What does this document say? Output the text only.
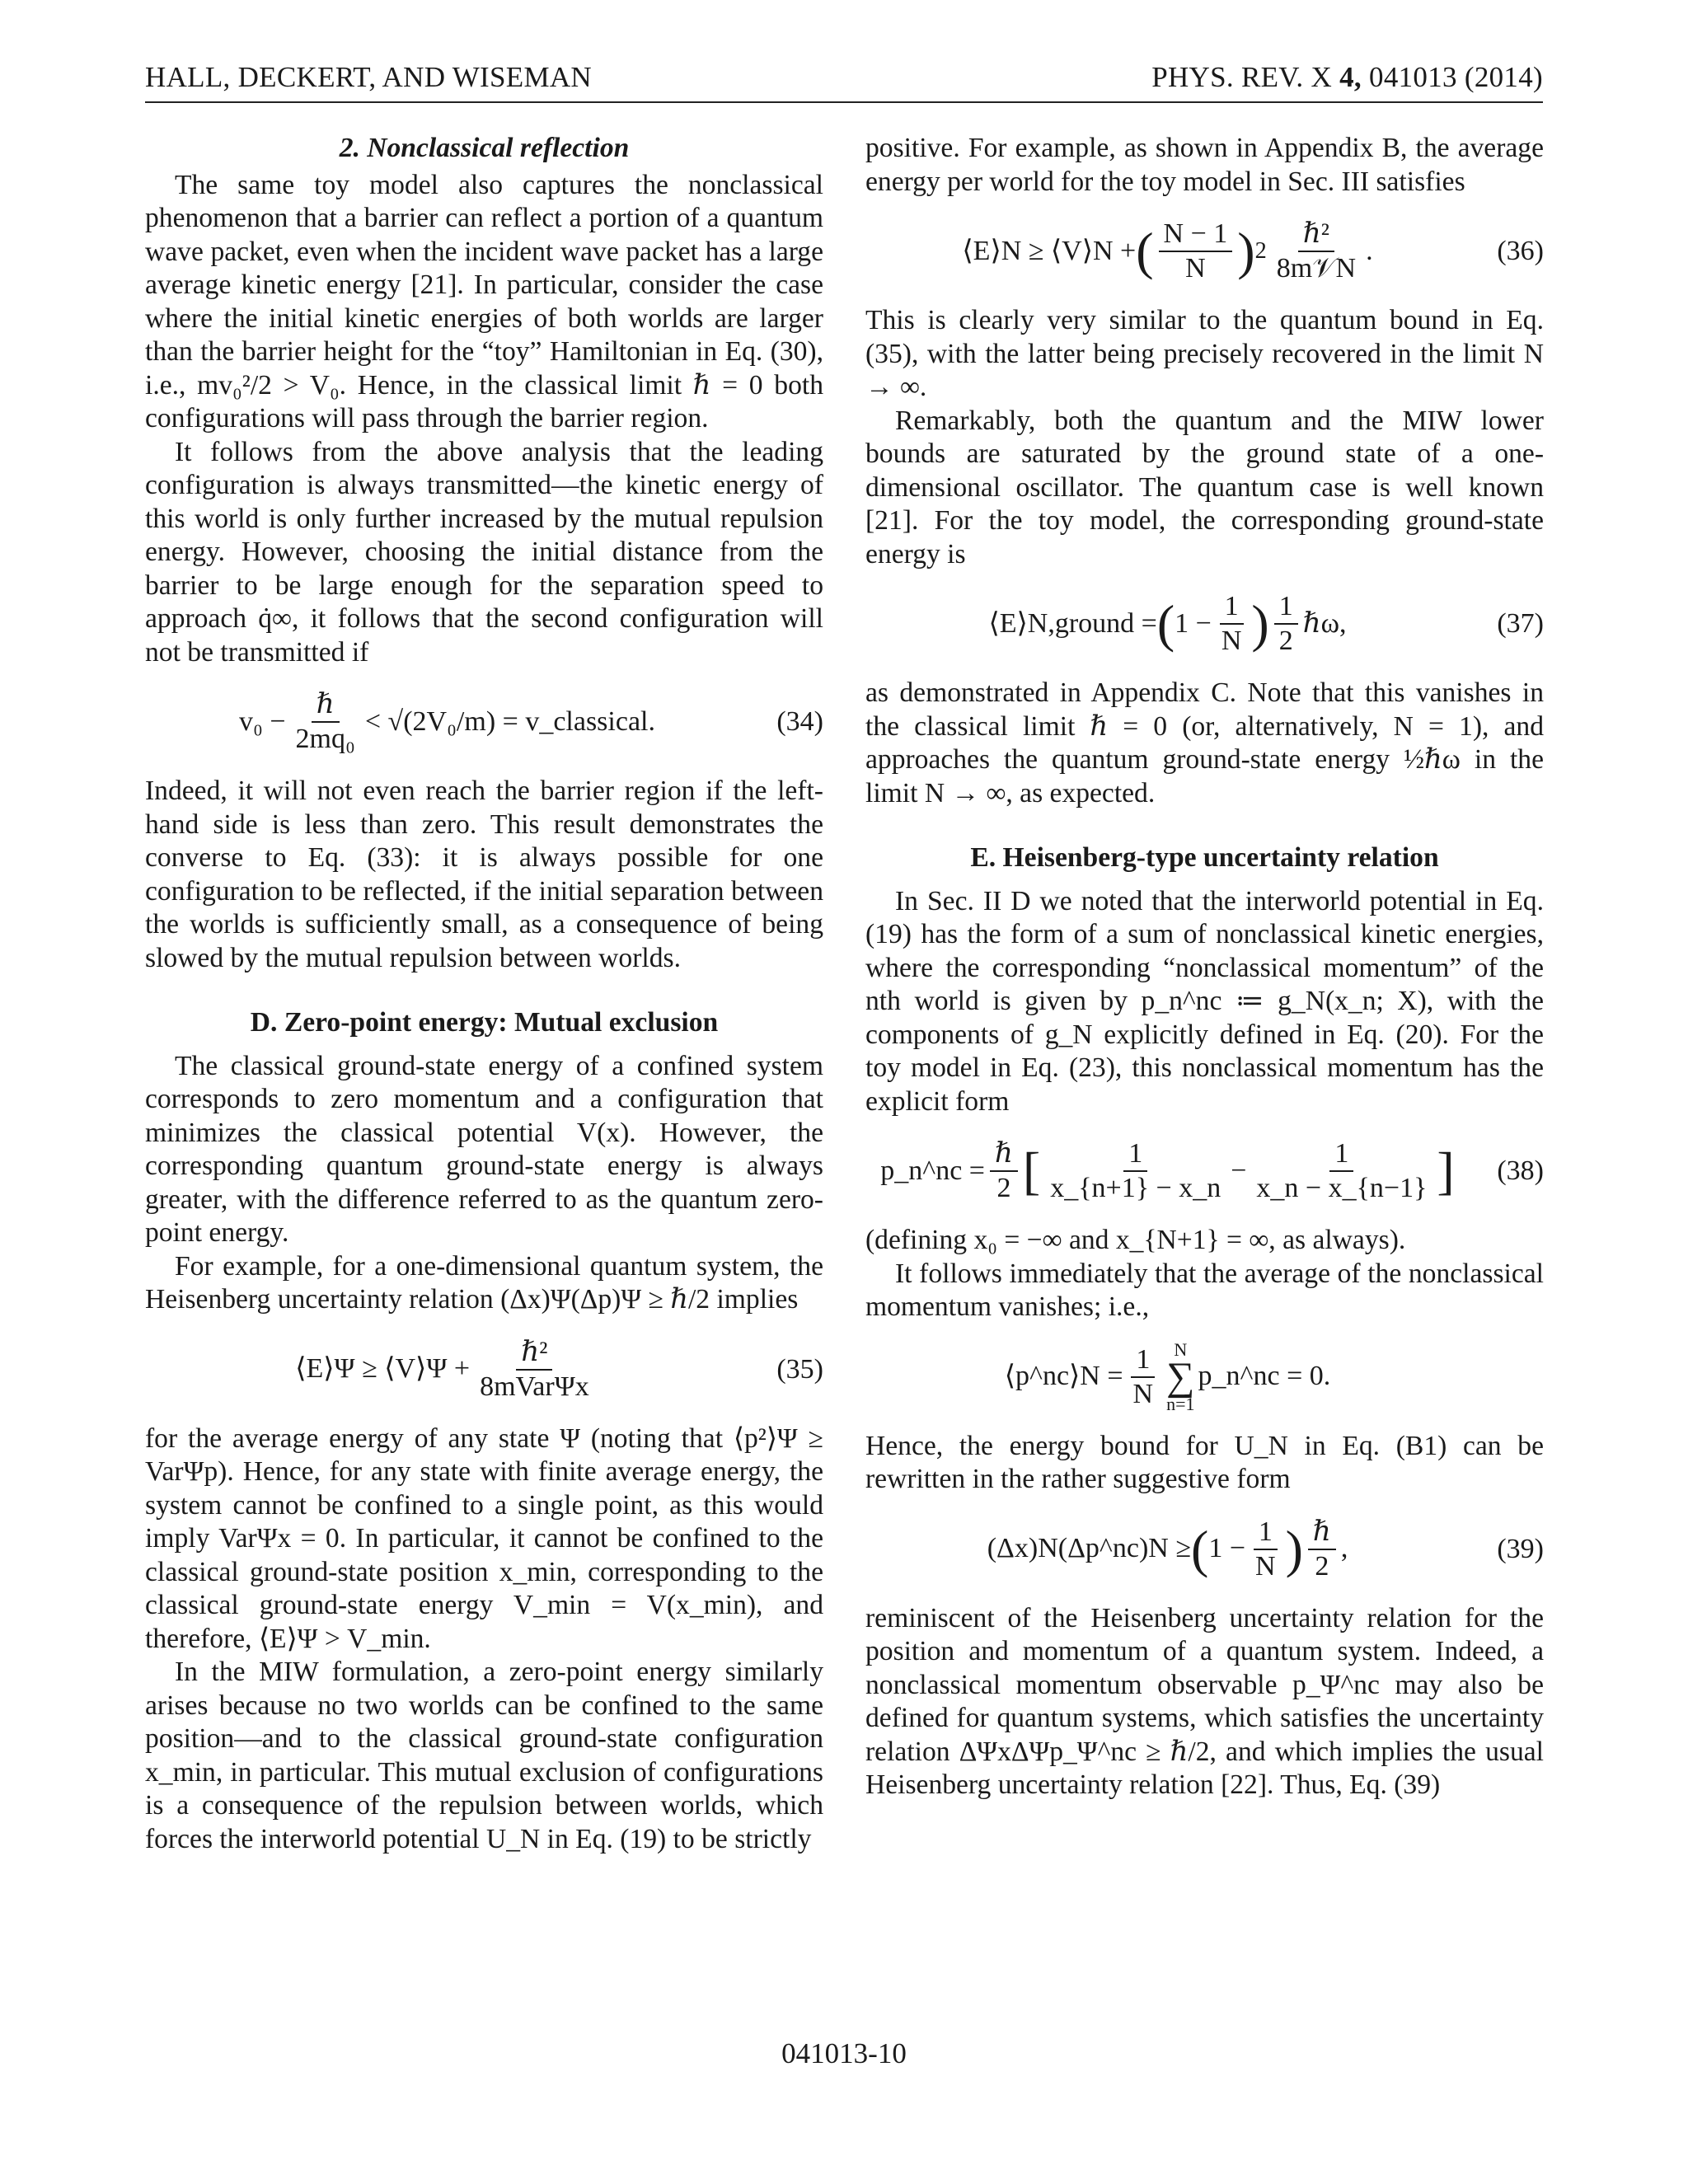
HALL, DECKERT, AND WISEMAN	PHYS. REV. X 4, 041013 (2014)
2. Nonclassical reflection

The same toy model also captures the nonclassical phenomenon that a barrier can reflect a portion of a quantum wave packet, even when the incident wave packet has a large average kinetic energy [21]. In particular, consider the case where the initial kinetic energies of both worlds are larger than the barrier height for the “toy” Hamiltonian in Eq. (30), i.e., mv₀²/2 > V₀. Hence, in the classical limit ℏ = 0 both configurations will pass through the barrier region.

It follows from the above analysis that the leading configuration is always transmitted—the kinetic energy of this world is only further increased by the mutual repulsion energy. However, choosing the initial distance from the barrier to be large enough for the separation speed to approach q̇∞, it follows that the second configuration will not be transmitted if

$v_0 - \frac{\text{ℏ}}{\text{2mq₀}} < √(2V_0/m)$ = v_classical.	(34)

Indeed, it will not even reach the barrier region if the left-hand side is less than zero. This result demonstrates the converse to Eq. (33): it is always possible for one configuration to be reflected, if the initial separation between the worlds is sufficiently small, as a consequence of being slowed by the mutual repulsion between worlds.

D. Zero-point energy: Mutual exclusion

The classical ground-state energy of a confined system corresponds to zero momentum and a configuration that minimizes the classical potential V(x). However, the corresponding quantum ground-state energy is always greater, with the difference referred to as the quantum zero-point energy.

For example, for a one-dimensional quantum system, the Heisenberg uncertainty relation (Δx)Ψ(Δp)Ψ ≥ ℏ/2 implies

⟨E⟩Ψ ≥ ⟨V⟩Ψ + $\frac{\text{ℏ²}}{\text{8mVarΨx}}$	(35)

for the average energy of any state Ψ (noting that ⟨p²⟩Ψ ≥ VarΨp). Hence, for any state with finite average energy, the system cannot be confined to a single point, as this would imply VarΨx = 0. In particular, it cannot be confined to the classical ground-state position x_min, corresponding to the classical ground-state energy V_min = V(x_min), and therefore, ⟨E⟩Ψ > V_min.

In the MIW formulation, a zero-point energy similarly arises because no two worlds can be confined to the same position—and to the classical ground-state configuration x_min, in particular. This mutual exclusion of configurations is a consequence of the repulsion between worlds, which forces the interworld potential U_N in Eq. (19) to be strictly

positive. For example, as shown in Appendix B, the average energy per world for the toy model in Sec. III satisfies

⟨E⟩N ≥ ⟨V⟩N + ( $\frac{N - 1}{N}$ ) $2 \frac{\text{ℏ²}}{\text{8m𝒱N}}$ .	(36)

This is clearly very similar to the quantum bound in Eq. (35), with the latter being precisely recovered in the limit N → ∞.

Remarkably, both the quantum and the MIW lower bounds are saturated by the ground state of a one-dimensional oscillator. The quantum case is well known [21]. For the toy model, the corresponding ground-state energy is

⟨E⟩N,ground = ( $1 - \frac{1}{N}$ ) $\frac{1}{2}$ ℏω,	(37)

as demonstrated in Appendix C. Note that this vanishes in the classical limit ℏ = 0 (or, alternatively, N = 1), and approaches the quantum ground-state energy ½ℏω in the limit N → ∞, as expected.

E. Heisenberg-type uncertainty relation

In Sec. II D we noted that the interworld potential in Eq. (19) has the form of a sum of nonclassical kinetic energies, where the corresponding “nonclassical momentum” of the nth world is given by p_n^nc ≔ g_N(x_n; X), with the components of g_N explicitly defined in Eq. (20). For the toy model in Eq. (23), this nonclassical momentum has the explicit form

p_n^nc = $\frac{\text{ℏ}}{2}$ [ $\frac{1}{x\_\{n+1\} - x\_n} - \frac{1}{x\_n - x\_\{n-1\}}$ ] (38)

(defining x₀ = −∞ and x_{N+1} = ∞, as always).

It follows immediately that the average of the nonclassical momentum vanishes; i.e.,

⟨p^nc⟩N = $\frac{1}{N}$ N
∑
n=1
p_n^nc = 0.

Hence, the energy bound for U_N in Eq. (B1) can be rewritten in the rather suggestive form

(Δx)N(Δp^nc)N ≥ ( $1 - \frac{1}{N}$ ) $\frac{\text{ℏ}}{2}$ ,	(39)

reminiscent of the Heisenberg uncertainty relation for the position and momentum of a quantum system. Indeed, a nonclassical momentum observable p_Ψ^nc may also be defined for quantum systems, which satisfies the uncertainty relation ΔΨxΔΨp_Ψ^nc ≥ ℏ/2, and which implies the usual Heisenberg uncertainty relation [22]. Thus, Eq. (39)

041013-10
